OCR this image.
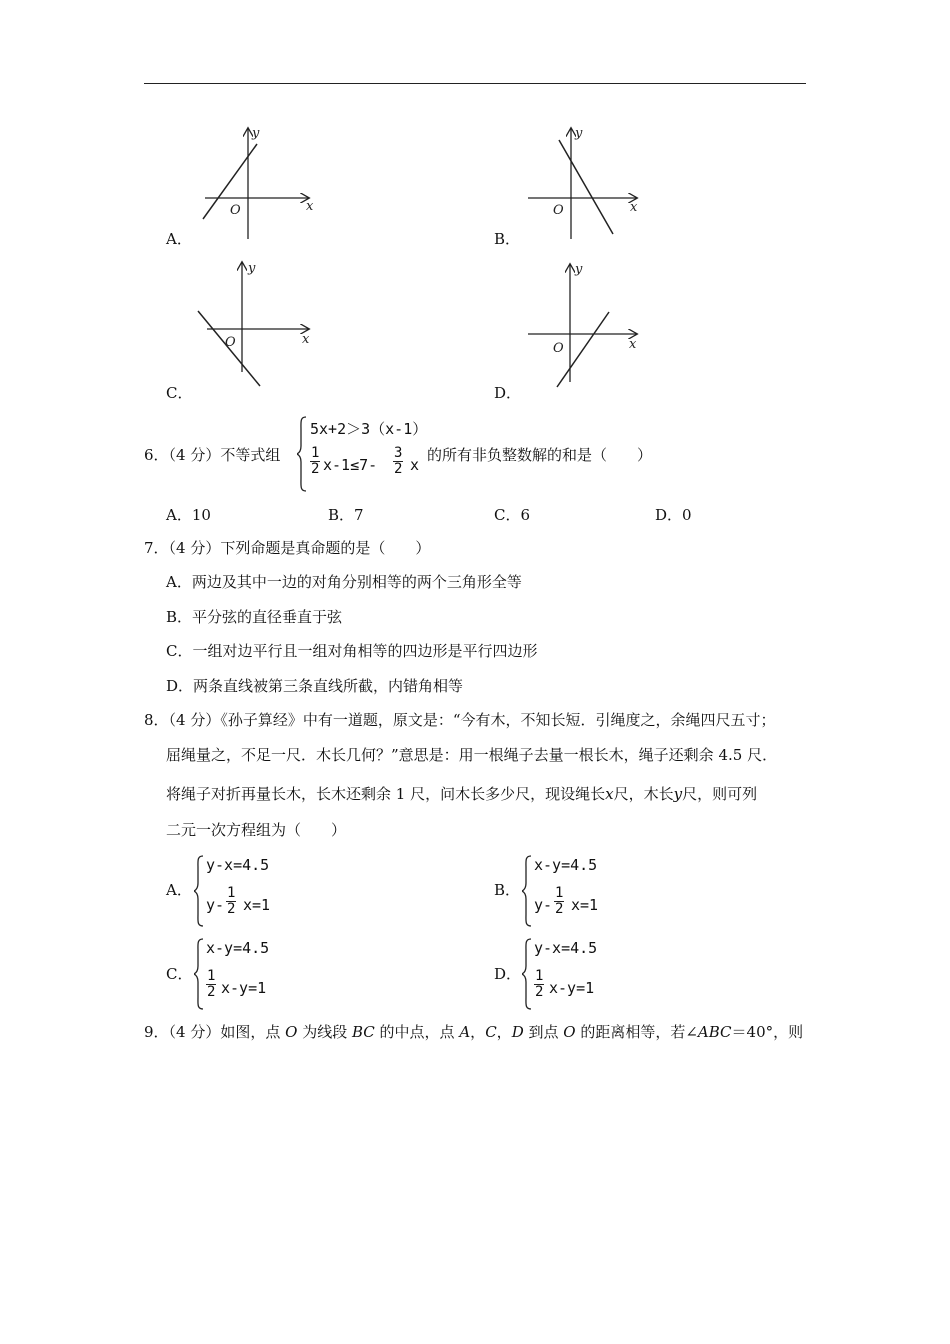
y
x
O
A．
y
x
O
B．
y
x
O
C．
y
x
O
D．
6．（4 分）不等式组
5x+2＞3（x-1）
$\frac{1}{2} x-1\le 7- \frac{3}{2}$ x
的所有非负整数解的和是（　　）
A．10	B．7	C．6	D．0
7．（4 分）下列命题是真命题的是（　　）
A．两边及其中一边的对角分别相等的两个三角形全等
B．平分弦的直径垂直于弦
C．一组对边平行且一组对角相等的四边形是平行四边形
D．两条直线被第三条直线所截，内错角相等
8．（4 分）《孙子算经》中有一道题，原文是：“今有木，不知长短．引绳度之，余绳四尺五寸；
屈绳量之，不足一尺．木长几何？”意思是：用一根绳子去量一根长木，绳子还剩余 4.5 尺．
将绳子对折再量长木，长木还剩余 1 尺，问木长多少尺，现设绳长x尺，木长y尺，则可列
二元一次方程组为（　　）
A．
y-x=4.5
$y- \frac{1}{2} x=1$
B．
x-y=4.5
$y- \frac{1}{2} x=1$
C．
x-y=4.5
$\frac{1}{2} x-y=1$
D．
y-x=4.5
$\frac{1}{2} x-y=1$
9．（4 分）如图，点 O 为线段 BC 的中点，点 A，C，D 到点 O 的距离相等，若∠ABC＝40°，则
